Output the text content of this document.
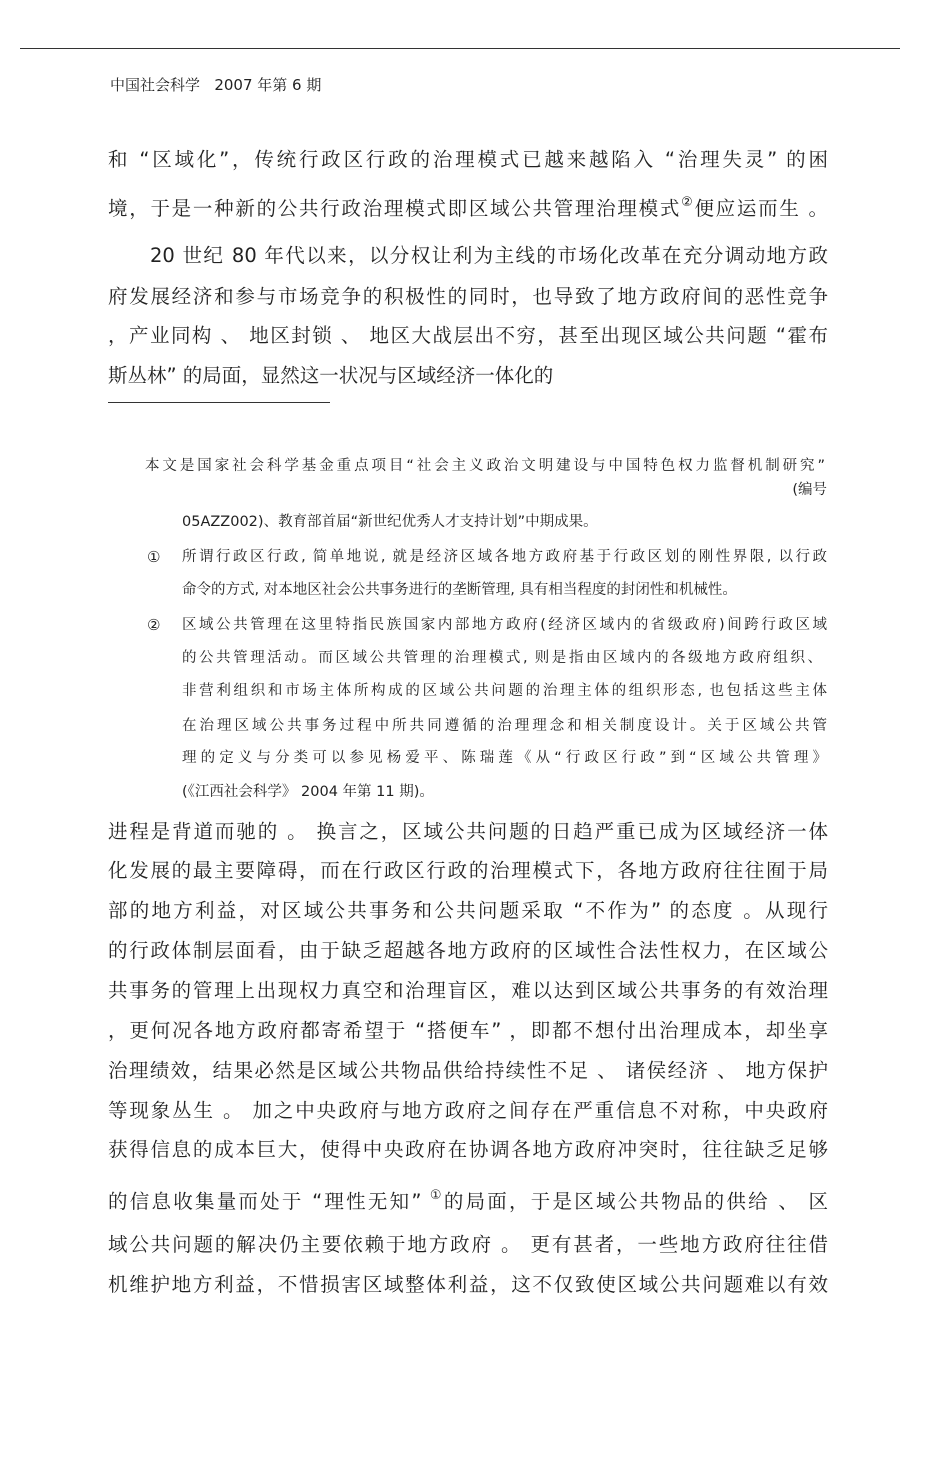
中国社会科学 2007 年第 6 期
和 “区域化”，传统行政区行政的治理模式已越来越陷入 “治理失灵” 的困
境，于是一种新的公共行政治理模式即区域公共管理治理模式②便应运而生 。
20 世纪 80 年代以来，以分权让利为主线的市场化改革在充分调动地方政
府发展经济和参与市场竞争的积极性的同时，也导致了地方政府间的恶性竞争
，产业同构 、 地区封锁 、 地区大战层出不穷，甚至出现区域公共问题 “霍布
斯丛林” 的局面，显然这一状况与区域经济一体化的
本文是国家社会科学基金重点项目“社会主义政治文明建设与中国特色权力监督机制研究”
(编号
05AZZ002)、教育部首届“新世纪优秀人才支持计划”中期成果。
① 所谓行政区行政, 简单地说, 就是经济区域各地方政府基于行政区划的刚性界限, 以行政
命令的方式, 对本地区社会公共事务进行的垄断管理, 具有相当程度的封闭性和机械性。
② 区域公共管理在这里特指民族国家内部地方政府(经济区域内的省级政府)间跨行政区域
的公共管理活动。而区域公共管理的治理模式, 则是指由区域内的各级地方政府组织、
非营利组织和市场主体所构成的区域公共问题的治理主体的组织形态, 也包括这些主体
在治理区域公共事务过程中所共同遵循的治理理念和相关制度设计。关于区域公共管
理的定义与分类可以参见杨爱平、陈瑞莲《从“行政区行政”到“区域公共管理》
(《江西社会科学》 2004 年第 11 期)。
进程是背道而驰的 。 换言之，区域公共问题的日趋严重已成为区域经济一体
化发展的最主要障碍，而在行政区行政的治理模式下，各地方政府往往囿于局
部的地方利益，对区域公共事务和公共问题采取 “不作为” 的态度 。从现行
的行政体制层面看，由于缺乏超越各地方政府的区域性合法性权力，在区域公
共事务的管理上出现权力真空和治理盲区，难以达到区域公共事务的有效治理
，更何况各地方政府都寄希望于 “搭便车” ，即都不想付出治理成本，却坐享
治理绩效，结果必然是区域公共物品供给持续性不足 、 诸侯经济 、 地方保护
等现象丛生 。 加之中央政府与地方政府之间存在严重信息不对称，中央政府
获得信息的成本巨大，使得中央政府在协调各地方政府冲突时，往往缺乏足够
的信息收集量而处于 “理性无知” ①的局面，于是区域公共物品的供给 、 区
域公共问题的解决仍主要依赖于地方政府 。 更有甚者，一些地方政府往往借
机维护地方利益，不惜损害区域整体利益，这不仅致使区域公共问题难以有效
